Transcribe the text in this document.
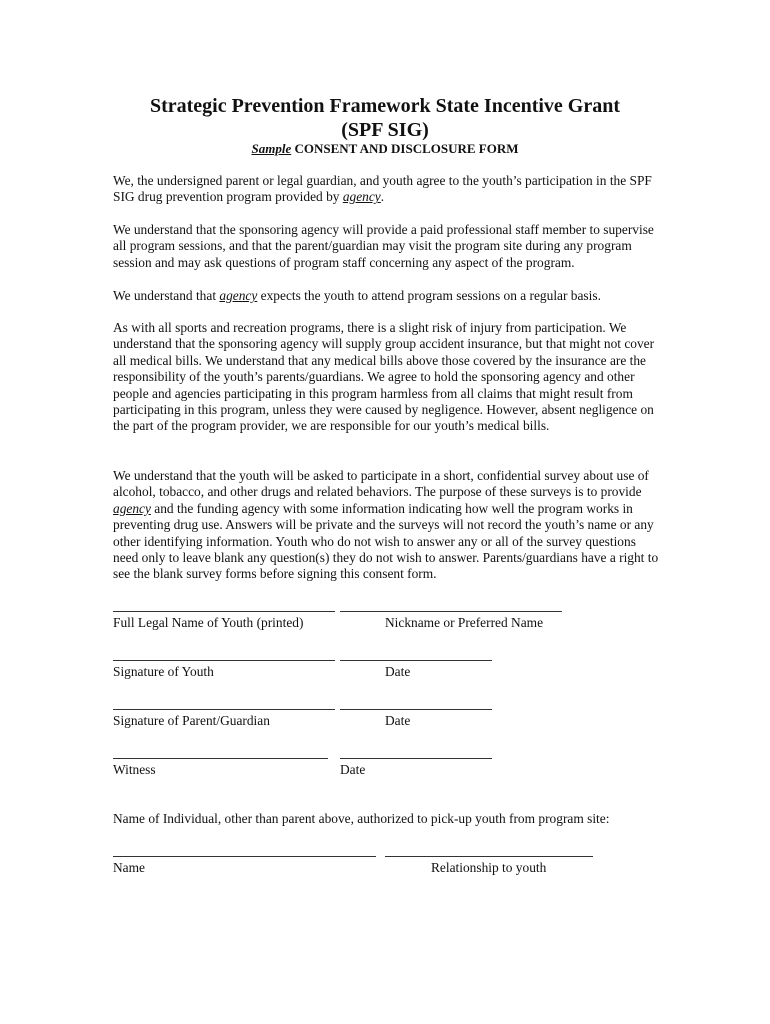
Strategic Prevention Framework State Incentive Grant
(SPF SIG)
Sample CONSENT AND DISCLOSURE FORM
We, the undersigned parent or legal guardian, and youth agree to the youth’s participation in the SPF SIG drug prevention program provided by agency.
We understand that the sponsoring agency will provide a paid professional staff member to supervise all program sessions, and that the parent/guardian may visit the program site during any program session and may ask questions of program staff concerning any aspect of the program.
We understand that agency expects the youth to attend program sessions on a regular basis.
As with all sports and recreation programs, there is a slight risk of injury from participation. We understand that the sponsoring agency will supply group accident insurance, but that might not cover all medical bills. We understand that any medical bills above those covered by the insurance are the responsibility of the youth’s parents/guardians. We agree to hold the sponsoring agency and other people and agencies participating in this program harmless from all claims that might result from participating in this program, unless they were caused by negligence. However, absent negligence on the part of the program provider, we are responsible for our youth’s medical bills.
We understand that the youth will be asked to participate in a short, confidential survey about use of alcohol, tobacco, and other drugs and related behaviors. The purpose of these surveys is to provide agency and the funding agency with some information indicating how well the program works in preventing drug use. Answers will be private and the surveys will not record the youth’s name or any other identifying information. Youth who do not wish to answer any or all of the survey questions need only to leave blank any question(s) they do not wish to answer. Parents/guardians have a right to see the blank survey forms before signing this consent form.
Full Legal Name of Youth (printed)	Nickname or Preferred Name
Signature of Youth	Date
Signature of Parent/Guardian	Date
Witness	Date
Name of Individual, other than parent above, authorized to pick-up youth from program site:
Name	Relationship to youth
